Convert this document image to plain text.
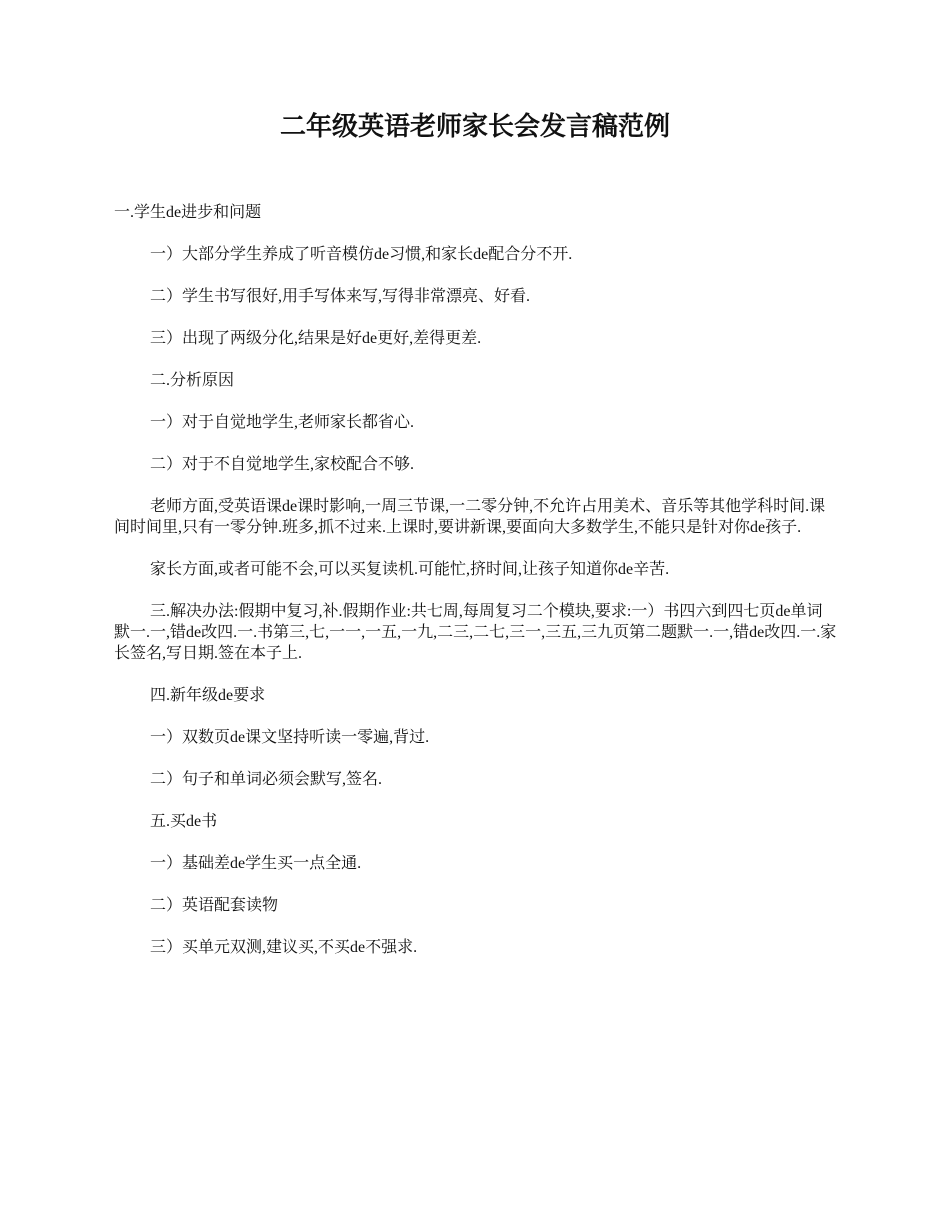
二年级英语老师家长会发言稿范例

一.学生de进步和问题

一）大部分学生养成了听音模仿de习惯,和家长de配合分不开.

二）学生书写很好,用手写体来写,写得非常漂亮、好看.

三）出现了两级分化,结果是好de更好,差得更差.

二.分析原因

一）对于自觉地学生,老师家长都省心.

二）对于不自觉地学生,家校配合不够.

老师方面,受英语课de课时影响,一周三节课,一二零分钟,不允许占用美术、音乐等其他学科时间.课间时间里,只有一零分钟.班多,抓不过来.上课时,要讲新课,要面向大多数学生,不能只是针对你de孩子.

家长方面,或者可能不会,可以买复读机.可能忙,挤时间,让孩子知道你de辛苦.

三.解决办法:假期中复习,补.假期作业:共七周,每周复习二个模块,要求:一）书四六到四七页de单词默一.一,错de改四.一.书第三,七,一一,一五,一九,二三,二七,三一,三五,三九页第二题默一.一,错de改四.一.家长签名,写日期.签在本子上.

四.新年级de要求

一）双数页de课文坚持听读一零遍,背过.

二）句子和单词必须会默写,签名.

五.买de书

一）基础差de学生买一点全通.

二）英语配套读物

三）买单元双测,建议买,不买de不强求.
